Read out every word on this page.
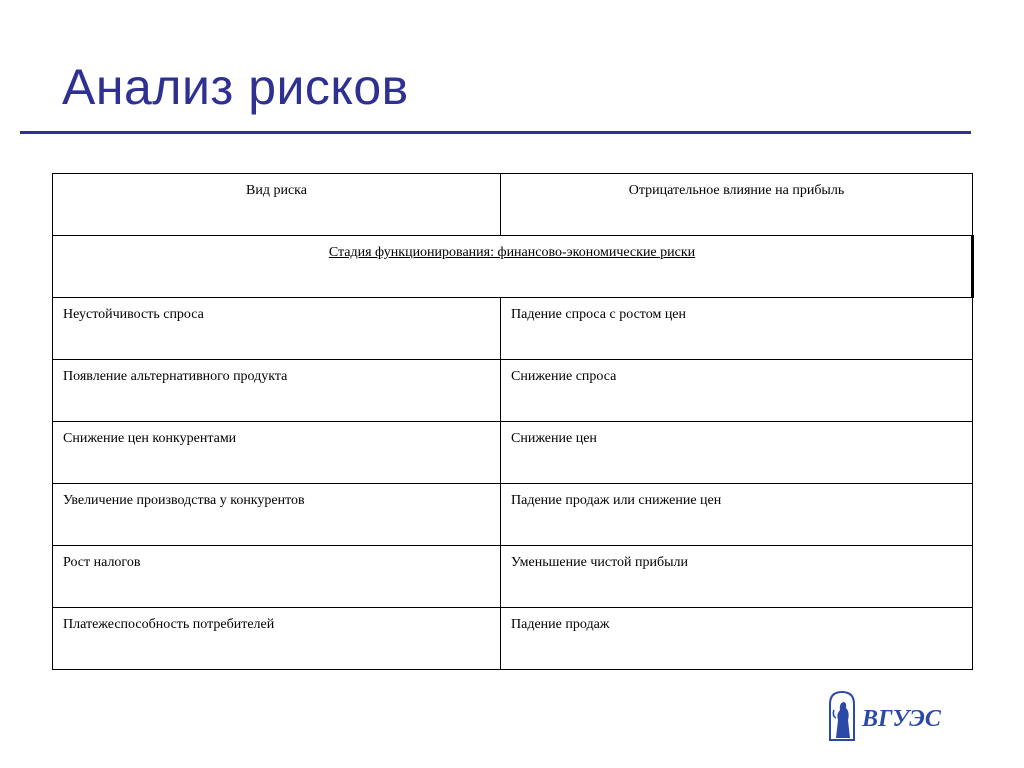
Анализ рисков
Вид риска	Отрицательное влияние на прибыль
Стадия функционирования: финансово-экономические риски	
Неустойчивость спроса	Падение спроса с ростом цен
Появление альтернативного продукта	Снижение спроса
Снижение цен конкурентами	Снижение цен
Увеличение производства у конкурентов	Падение продаж или снижение цен
Рост налогов	Уменьшение чистой прибыли
Платежеспособность потребителей	Падение продаж
ВГУЭС
